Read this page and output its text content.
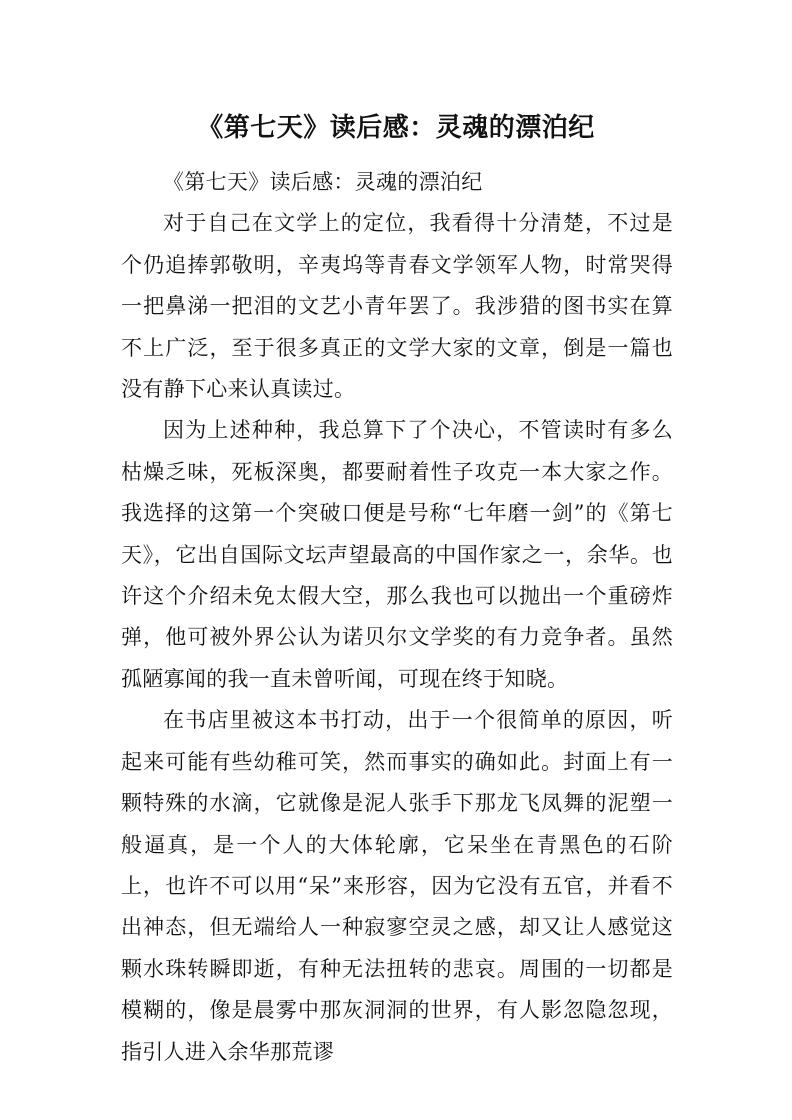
《第七天》读后感：灵魂的漂泊纪

《第七天》读后感：灵魂的漂泊纪

对于自己在文学上的定位，我看得十分清楚，不过是个仍追捧郭敬明，辛夷坞等青春文学领军人物，时常哭得一把鼻涕一把泪的文艺小青年罢了。我涉猎的图书实在算不上广泛，至于很多真正的文学大家的文章，倒是一篇也没有静下心来认真读过。

因为上述种种，我总算下了个决心，不管读时有多么枯燥乏味，死板深奥，都要耐着性子攻克一本大家之作。我选择的这第一个突破口便是号称“七年磨一剑”的《第七天》，它出自国际文坛声望最高的中国作家之一，余华。也许这个介绍未免太假大空，那么我也可以抛出一个重磅炸弹，他可被外界公认为诺贝尔文学奖的有力竞争者。虽然孤陋寡闻的我一直未曾听闻，可现在终于知晓。

在书店里被这本书打动，出于一个很简单的原因，听起来可能有些幼稚可笑，然而事实的确如此。封面上有一颗特殊的水滴，它就像是泥人张手下那龙飞凤舞的泥塑一般逼真，是一个人的大体轮廓，它呆坐在青黑色的石阶上，也许不可以用“呆”来形容，因为它没有五官，并看不出神态，但无端给人一种寂寥空灵之感，却又让人感觉这颗水珠转瞬即逝，有种无法扭转的悲哀。周围的一切都是模糊的，像是晨雾中那灰洞洞的世界，有人影忽隐忽现，指引人进入余华那荒谬
